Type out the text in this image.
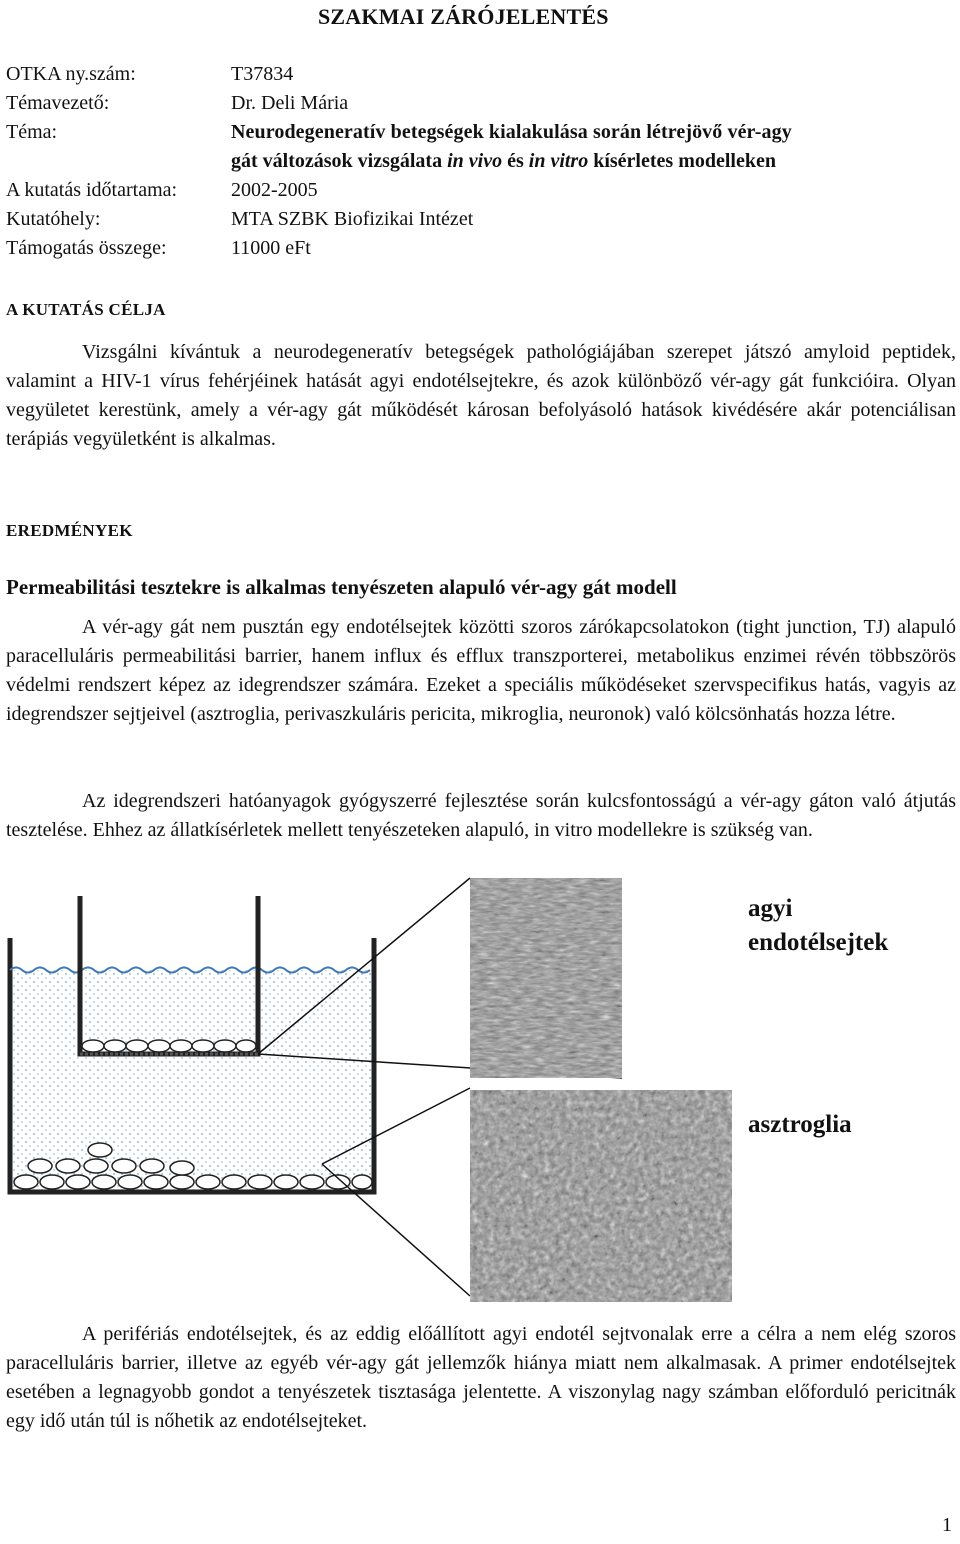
SZAKMAI ZÁRÓJELENTÉS
OTKA ny.szám:	T37834
Témavezető:	Dr. Deli Mária
Téma:	Neurodegeneratív betegségek kialakulása során létrejövő vér-agy
gát változások vizsgálata in vivo és in vitro kísérletes modelleken
A kutatás időtartama:	2002-2005
Kutatóhely:	MTA SZBK Biofizikai Intézet
Támogatás összege:	11000 eFt
A KUTATÁS CÉLJA

Vizsgálni kívántuk a neurodegeneratív betegségek pathológiájában szerepet játszó amyloid peptidek, valamint a HIV-1 vírus fehérjéinek hatását agyi endotélsejtekre, és azok különböző vér-agy gát funkcióira. Olyan vegyületet kerestünk, amely a vér-agy gát működését károsan befolyásoló hatások kivédésére akár potenciálisan terápiás vegyületként is alkalmas.

EREDMÉNYEK
Permeabilitási tesztekre is alkalmas tenyészeten alapuló vér-agy gát modell

A vér-agy gát nem pusztán egy endotélsejtek közötti szoros zárókapcsolatokon (tight junction, TJ) alapuló paracelluláris permeabilitási barrier, hanem influx és efflux transzporterei, metabolikus enzimei révén többszörös védelmi rendszert képez az idegrendszer számára. Ezeket a speciális működéseket szervspecifikus hatás, vagyis az idegrendszer sejtjeivel (asztroglia, perivaszkuláris pericita, mikroglia, neuronok) való kölcsönhatás hozza létre.

Az idegrendszeri hatóanyagok gyógyszerré fejlesztése során kulcsfontosságú a vér-agy gáton való átjutás tesztelése. Ehhez az állatkísérletek mellett tenyészeteken alapuló, in vitro modellekre is szükség van.

agyi
endotélsejtek
asztroglia

A perifériás endotélsejtek, és az eddig előállított agyi endotél sejtvonalak erre a célra a nem elég szoros paracelluláris barrier, illetve az egyéb vér-agy gát jellemzők hiánya miatt nem alkalmasak. A primer endotélsejtek esetében a legnagyobb gondot a tenyészetek tisztasága jelentette. A viszonylag nagy számban előforduló pericitnák egy idő után túl is nőhetik az endotélsejteket.

1
